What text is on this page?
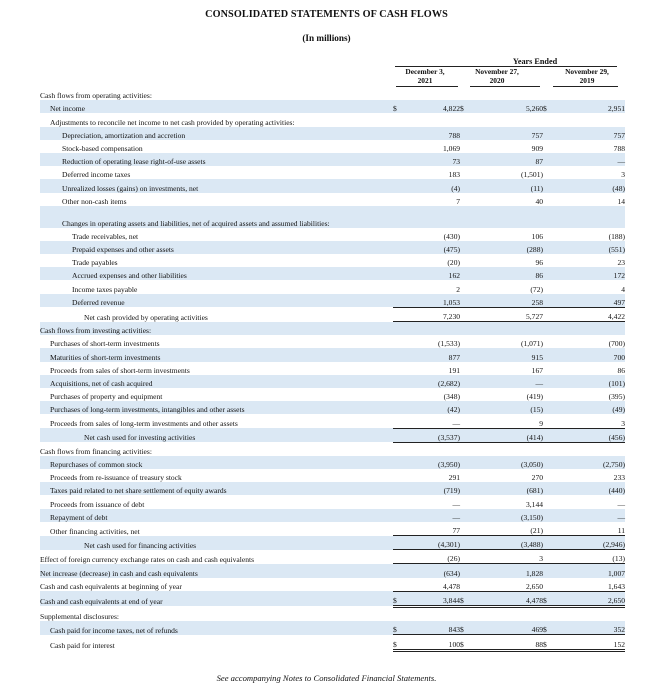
CONSOLIDATED STATEMENTS OF CASH FLOWS
(In millions)
Years Ended
December 3,
2021
November 27,
2020
November 29,
2019
Cash flows from operating activities:						
Net income	$	4,822	$	5,260	$	2,951
Adjustments to reconcile net income to net cash provided by operating activities:						
Depreciation, amortization and accretion		788		757		757
Stock-based compensation		1,069		909		788
Reduction of operating lease right-of-use assets		73		87		—
Deferred income taxes		183		(1,501)		3
Unrealized losses (gains) on investments, net		(4)		(11)		(48)
Other non-cash items		7		40		14
Changes in operating assets and liabilities, net of acquired assets and assumed liabilities:						
Trade receivables, net		(430)		106		(188)
Prepaid expenses and other assets		(475)		(288)		(551)
Trade payables		(20)		96		23
Accrued expenses and other liabilities		162		86		172
Income taxes payable		2		(72)		4
Deferred revenue		1,053		258		497
Net cash provided by operating activities		7,230		5,727		4,422
Cash flows from investing activities:						
Purchases of short-term investments		(1,533)		(1,071)		(700)
Maturities of short-term investments		877		915		700
Proceeds from sales of short-term investments		191		167		86
Acquisitions, net of cash acquired		(2,682)		—		(101)
Purchases of property and equipment		(348)		(419)		(395)
Purchases of long-term investments, intangibles and other assets		(42)		(15)		(49)
Proceeds from sales of long-term investments and other assets		—		9		3
Net cash used for investing activities		(3,537)		(414)		(456)
Cash flows from financing activities:						
Repurchases of common stock		(3,950)		(3,050)		(2,750)
Proceeds from re-issuance of treasury stock		291		270		233
Taxes paid related to net share settlement of equity awards		(719)		(681)		(440)
Proceeds from issuance of debt		—		3,144		—
Repayment of debt		—		(3,150)		—
Other financing activities, net		77		(21)		11
Net cash used for financing activities		(4,301)		(3,488)		(2,946)
Effect of foreign currency exchange rates on cash and cash equivalents		(26)		3		(13)
Net increase (decrease) in cash and cash equivalents		(634)		1,828		1,007
Cash and cash equivalents at beginning of year		4,478		2,650		1,643
Cash and cash equivalents at end of year	$	3,844	$	4,478	$	2,650
Supplemental disclosures:						
Cash paid for income taxes, net of refunds	$	843	$	469	$	352
Cash paid for interest	$	100	$	88	$	152
See accompanying Notes to Consolidated Financial Statements.
